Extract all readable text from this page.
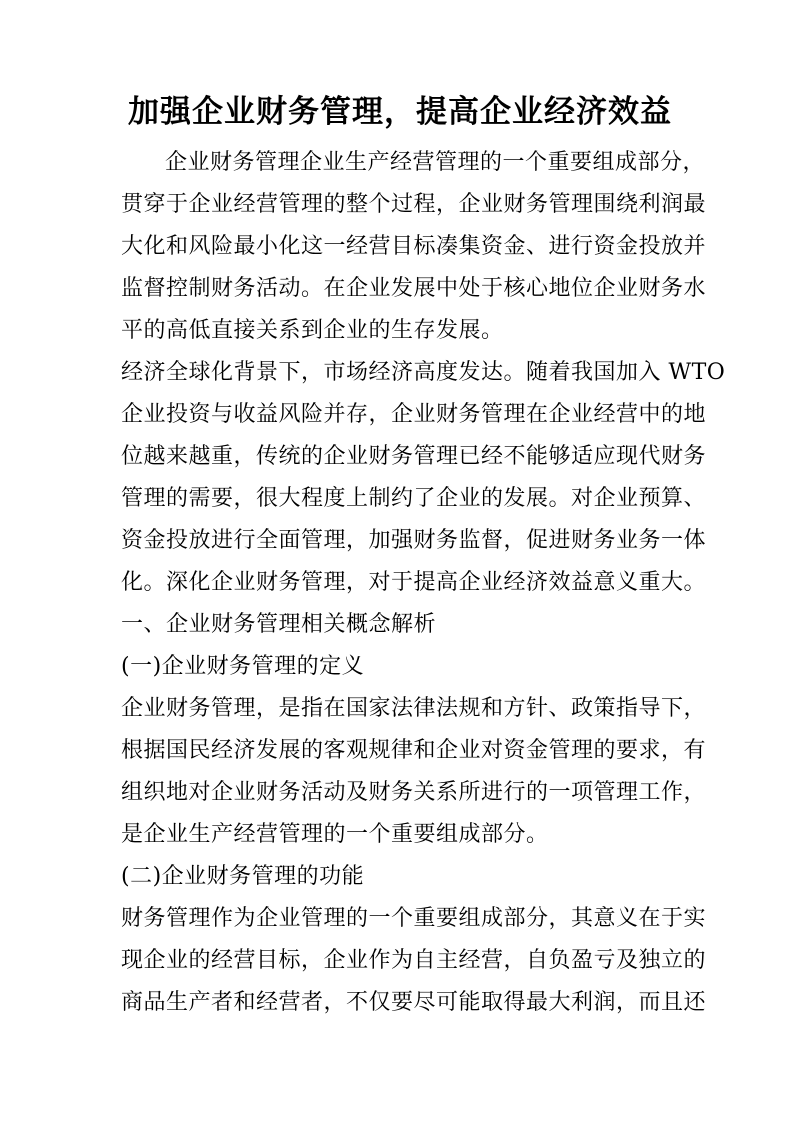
加强企业财务管理，提高企业经济效益
企业财务管理企业生产经营管理的一个重要组成部分，
贯穿于企业经营管理的整个过程，企业财务管理围绕利润最
大化和风险最小化这一经营目标凑集资金、进行资金投放并
监督控制财务活动。在企业发展中处于核心地位企业财务水
平的高低直接关系到企业的生存发展。
经济全球化背景下，市场经济高度发达。随着我国加入 WTO
企业投资与收益风险并存，企业财务管理在企业经营中的地
位越来越重，传统的企业财务管理已经不能够适应现代财务
管理的需要，很大程度上制约了企业的发展。对企业预算、
资金投放进行全面管理，加强财务监督，促进财务业务一体
化。深化企业财务管理，对于提高企业经济效益意义重大。
一、企业财务管理相关概念解析
(一)企业财务管理的定义
企业财务管理，是指在国家法律法规和方针、政策指导下，
根据国民经济发展的客观规律和企业对资金管理的要求，有
组织地对企业财务活动及财务关系所进行的一项管理工作，
是企业生产经营管理的一个重要组成部分。
(二)企业财务管理的功能
财务管理作为企业管理的一个重要组成部分，其意义在于实
现企业的经营目标，企业作为自主经营，自负盈亏及独立的
商品生产者和经营者，不仅要尽可能取得最大利润，而且还
